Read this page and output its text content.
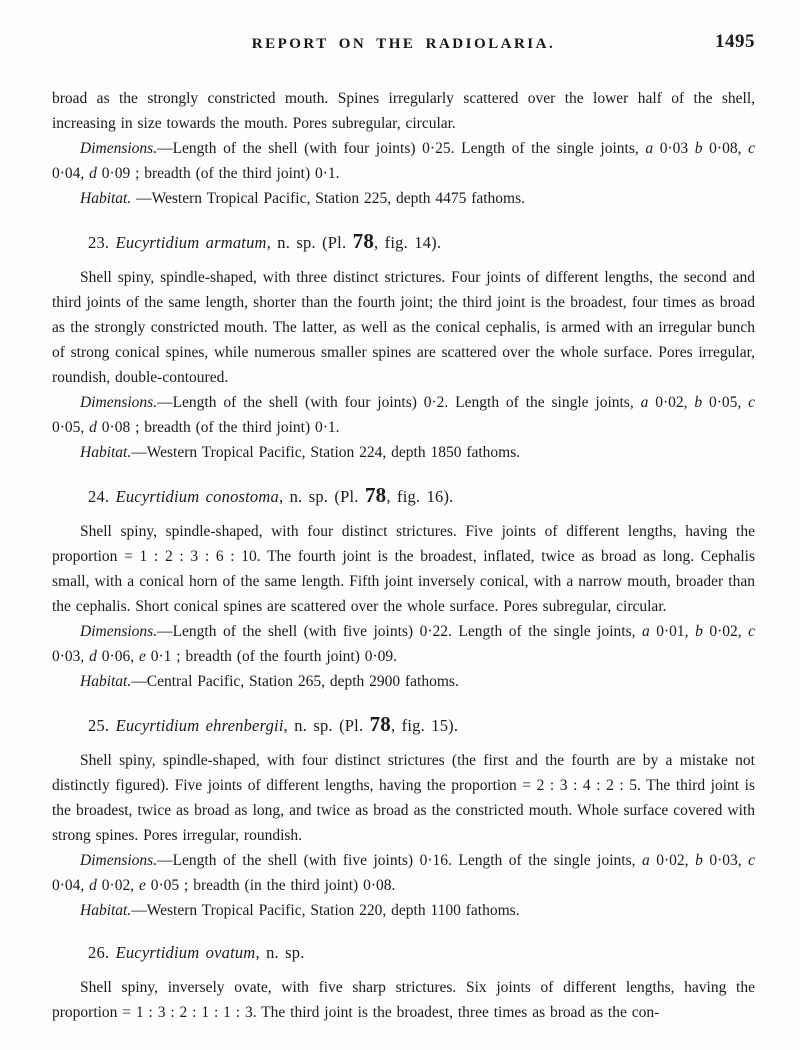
REPORT ON THE RADIOLARIA.	1495

broad as the strongly constricted mouth. Spines irregularly scattered over the lower half of the shell, increasing in size towards the mouth. Pores subregular, circular.

Dimensions.—Length of the shell (with four joints) 0·25. Length of the single joints, a 0·03 b 0·08, c 0·04, d 0·09 ; breadth (of the third joint) 0·1.

Habitat. —Western Tropical Pacific, Station 225, depth 4475 fathoms.

23. Eucyrtidium armatum, n. sp. (Pl. 78, fig. 14).

Shell spiny, spindle-shaped, with three distinct strictures. Four joints of different lengths, the second and third joints of the same length, shorter than the fourth joint; the third joint is the broadest, four times as broad as the strongly constricted mouth. The latter, as well as the conical cephalis, is armed with an irregular bunch of strong conical spines, while numerous smaller spines are scattered over the whole surface. Pores irregular, roundish, double-contoured.

Dimensions.—Length of the shell (with four joints) 0·2. Length of the single joints, a 0·02, b 0·05, c 0·05, d 0·08 ; breadth (of the third joint) 0·1.

Habitat.—Western Tropical Pacific, Station 224, depth 1850 fathoms.

24. Eucyrtidium conostoma, n. sp. (Pl. 78, fig. 16).

Shell spiny, spindle-shaped, with four distinct strictures. Five joints of different lengths, having the proportion = 1 : 2 : 3 : 6 : 10. The fourth joint is the broadest, inflated, twice as broad as long. Cephalis small, with a conical horn of the same length. Fifth joint inversely conical, with a narrow mouth, broader than the cephalis. Short conical spines are scattered over the whole surface. Pores subregular, circular.

Dimensions.—Length of the shell (with five joints) 0·22. Length of the single joints, a 0·01, b 0·02, c 0·03, d 0·06, e 0·1 ; breadth (of the fourth joint) 0·09.

Habitat.—Central Pacific, Station 265, depth 2900 fathoms.

25. Eucyrtidium ehrenbergii, n. sp. (Pl. 78, fig. 15).

Shell spiny, spindle-shaped, with four distinct strictures (the first and the fourth are by a mistake not distinctly figured). Five joints of different lengths, having the proportion = 2 : 3 : 4 : 2 : 5. The third joint is the broadest, twice as broad as long, and twice as broad as the constricted mouth. Whole surface covered with strong spines. Pores irregular, roundish.

Dimensions.—Length of the shell (with five joints) 0·16. Length of the single joints, a 0·02, b 0·03, c 0·04, d 0·02, e 0·05 ; breadth (in the third joint) 0·08.

Habitat.—Western Tropical Pacific, Station 220, depth 1100 fathoms.

26. Eucyrtidium ovatum, n. sp.

Shell spiny, inversely ovate, with five sharp strictures. Six joints of different lengths, having the proportion = 1 : 3 : 2 : 1 : 1 : 3. The third joint is the broadest, three times as broad as the con-
